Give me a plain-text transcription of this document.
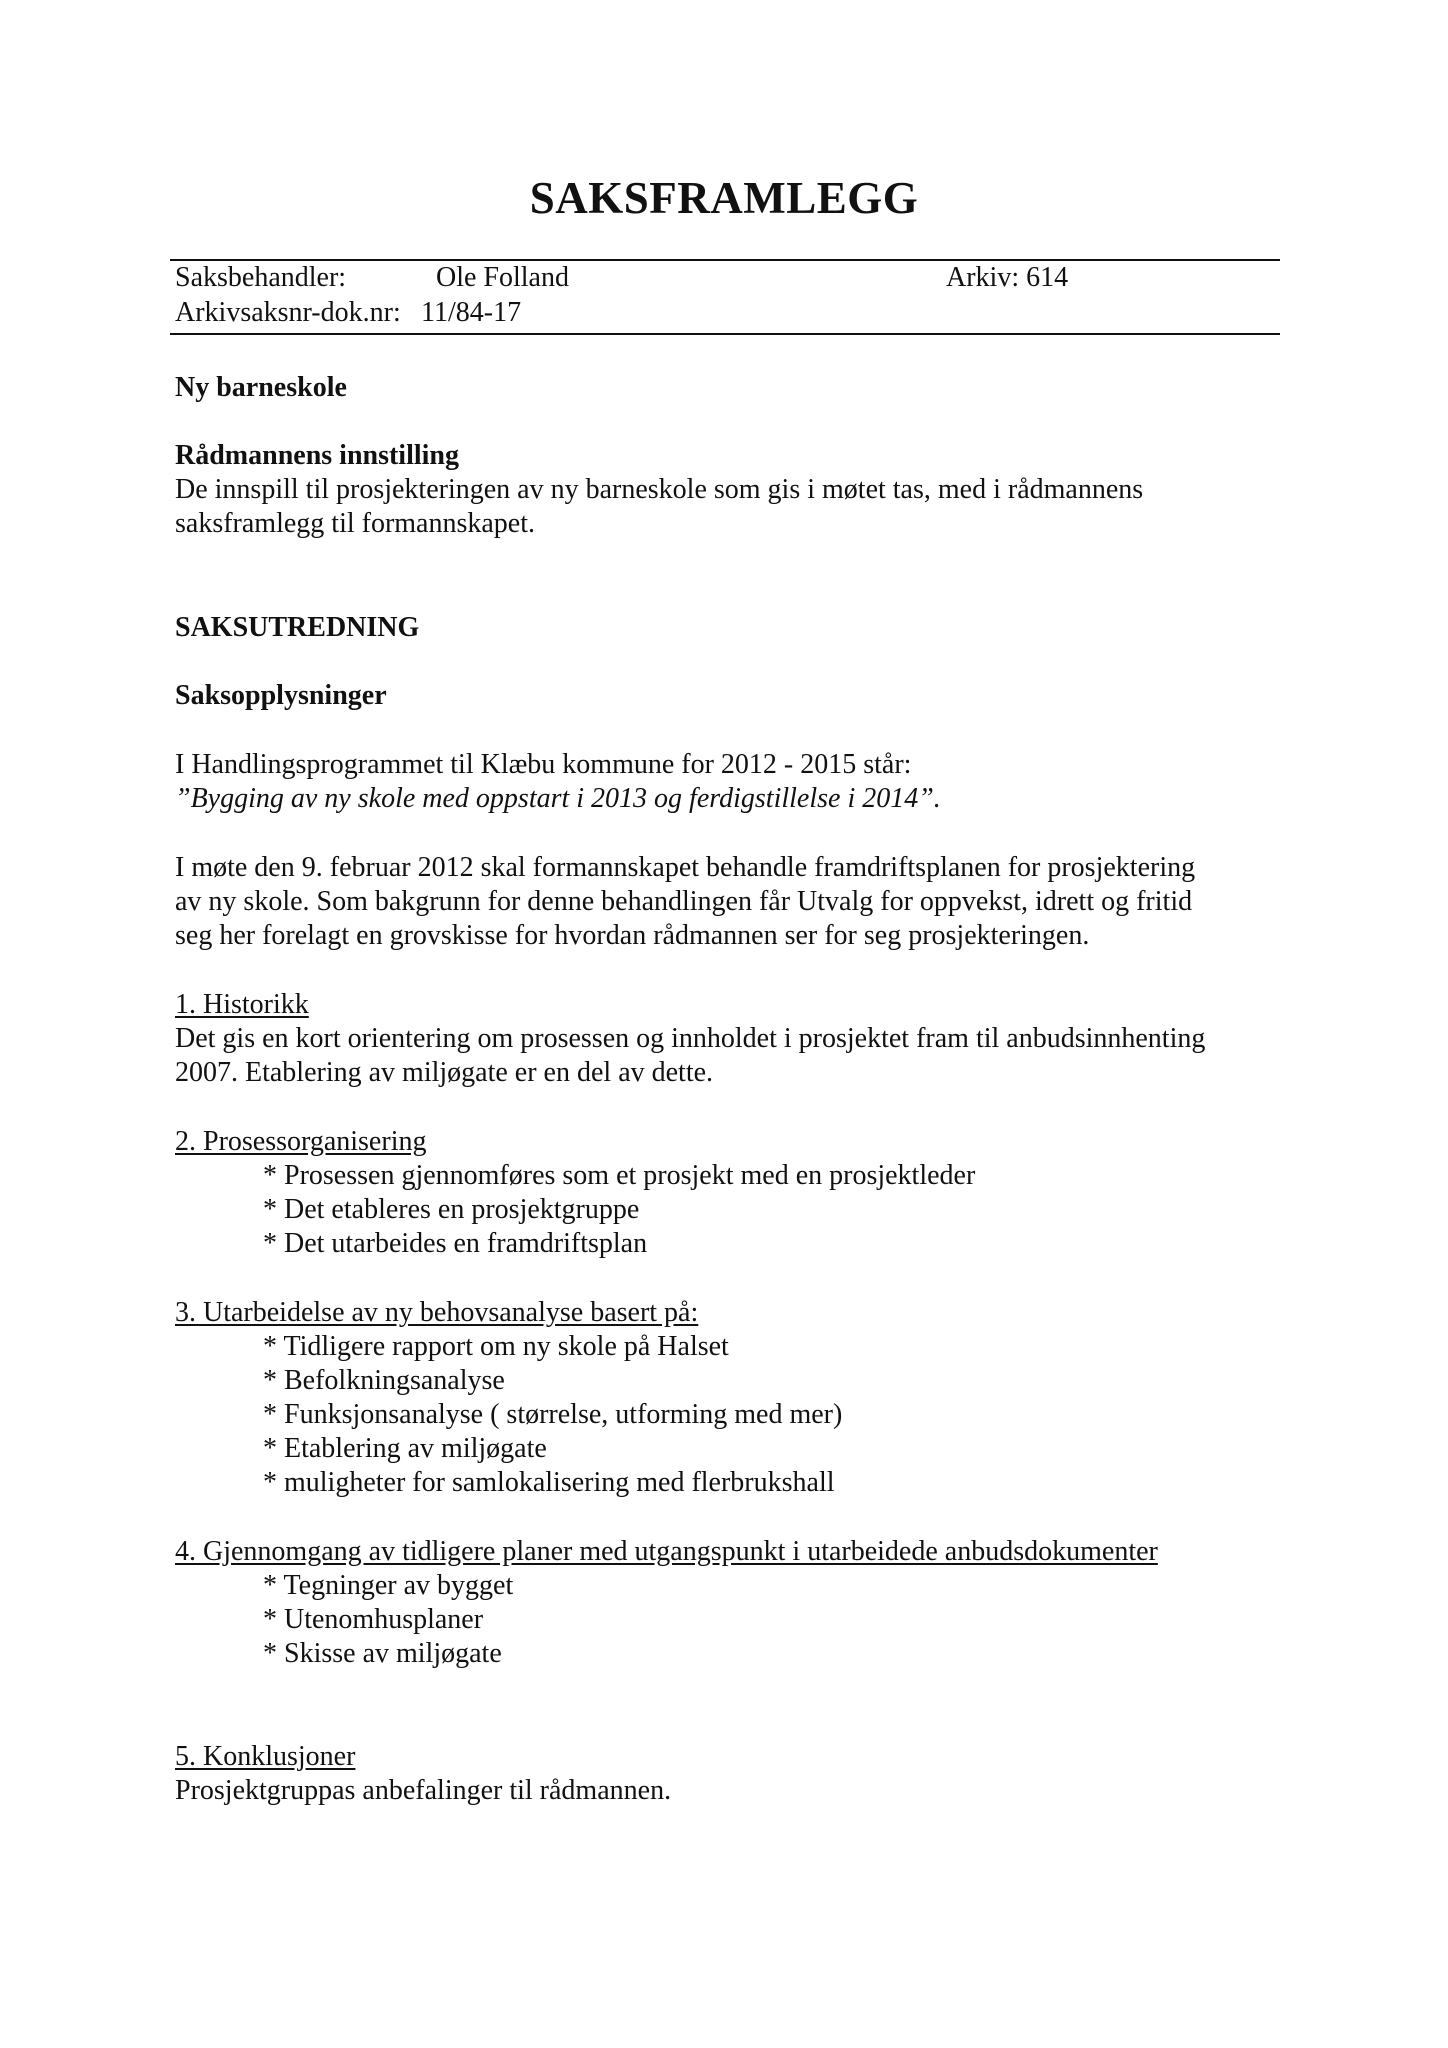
SAKSFRAMLEGG
Saksbehandler:	Ole Folland	Arkiv: 614
Arkivsaksnr-dok.nr: 11/84-17
Ny barneskole
Rådmannens innstilling
De innspill til prosjekteringen av ny barneskole som gis i møtet tas, med i rådmannens
saksframlegg til formannskapet.
SAKSUTREDNING
Saksopplysninger
I Handlingsprogrammet til Klæbu kommune for 2012 - 2015 står:
”Bygging av ny skole med oppstart i 2013 og ferdigstillelse i 2014”.
I møte den 9. februar 2012 skal formannskapet behandle framdriftsplanen for prosjektering
av ny skole. Som bakgrunn for denne behandlingen får Utvalg for oppvekst, idrett og fritid
seg her forelagt en grovskisse for hvordan rådmannen ser for seg prosjekteringen.
1. Historikk
Det gis en kort orientering om prosessen og innholdet i prosjektet fram til anbudsinnhenting
2007. Etablering av miljøgate er en del av dette.
2. Prosessorganisering
* Prosessen gjennomføres som et prosjekt med en prosjektleder
* Det etableres en prosjektgruppe
* Det utarbeides en framdriftsplan
3. Utarbeidelse av ny behovsanalyse basert på:
* Tidligere rapport om ny skole på Halset
* Befolkningsanalyse
* Funksjonsanalyse ( størrelse, utforming med mer)
* Etablering av miljøgate
* muligheter for samlokalisering med flerbrukshall
4. Gjennomgang av tidligere planer med utgangspunkt i utarbeidede anbudsdokumenter
* Tegninger av bygget
* Utenomhusplaner
* Skisse av miljøgate
5. Konklusjoner
Prosjektgruppas anbefalinger til rådmannen.
